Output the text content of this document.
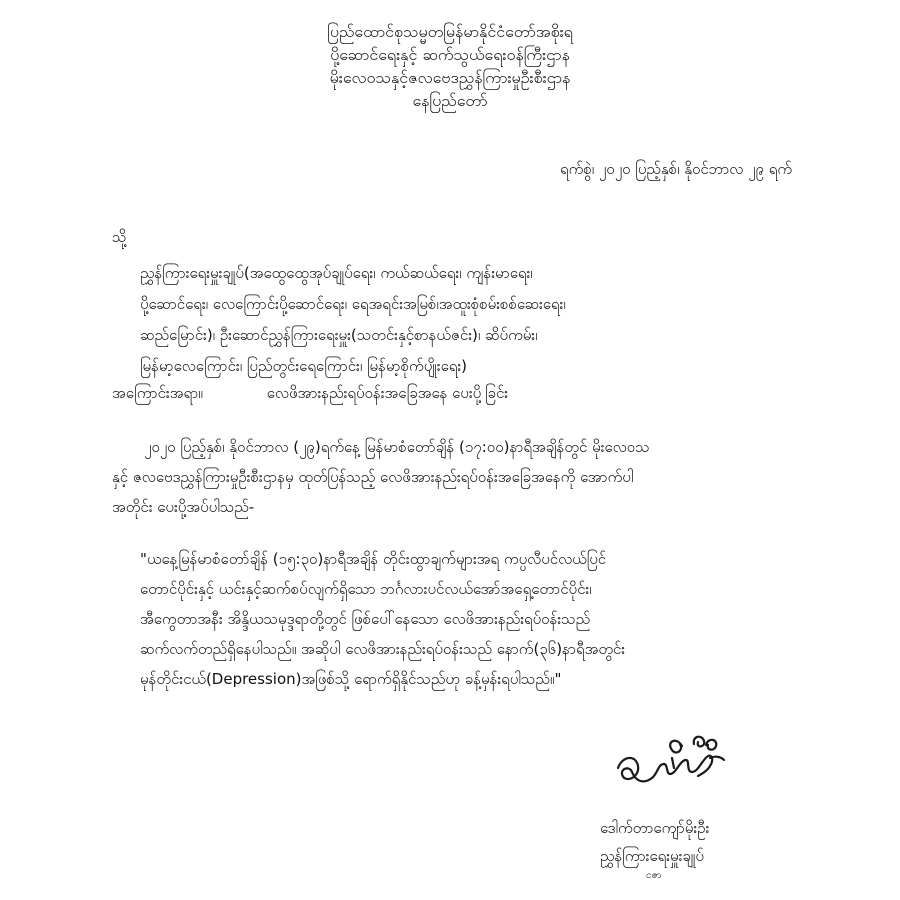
ပြည်ထောင်စုသမ္မတမြန်မာနိုင်ငံတော်အစိုးရ
ပို့ဆောင်ရေးနှင့် ဆက်သွယ်ရေးဝန်ကြီးဌာန
မိုးလေဝသနှင့်ဇလဗေဒညွှန်ကြားမှုဦးစီးဌာန
နေပြည်တော်
ရက်စွဲ၊ ၂၀၂၀ ပြည့်နှစ်၊ နိုဝင်ဘာလ ၂၉ ရက်
သို့
ညွှန်ကြားရေးမှူးချုပ်(အထွေထွေအုပ်ချုပ်ရေး၊ ကယ်ဆယ်ရေး၊ ကျန်းမာရေး၊
ပို့ဆောင်ရေး၊ လေကြောင်းပို့ဆောင်ရေး၊ ရေအရင်းအမြစ်၊အထူးစုံစမ်းစစ်ဆေးရေး၊
ဆည်မြောင်း)၊ ဦးဆောင်ညွှန်ကြားရေးမှူး(သတင်းနှင့်စာနယ်ဇင်း)၊ ဆိပ်ကမ်း၊
မြန်မာ့လေကြောင်း၊ ပြည်တွင်းရေကြောင်း၊ မြန်မာ့စိုက်ပျိုးရေး)
အကြောင်းအရာ။	လေဖိအားနည်းရပ်ဝန်းအခြေအနေ ပေးပို့ခြင်း
၂၀၂၀ ပြည့်နှစ်၊ နိုဝင်ဘာလ (၂၉)ရက်နေ့ မြန်မာစံတော်ချိန် (၁၇:၀၀)နာရီအချိန်တွင် မိုးလေဝသ
နှင့် ဇလဗေဒညွှန်ကြားမှုဦးစီးဌာနမှ ထုတ်ပြန်သည့် လေဖိအားနည်းရပ်ဝန်းအခြေအနေကို အောက်ပါ
အတိုင်း ပေးပို့အပ်ပါသည်-
"ယနေ့မြန်မာစံတော်ချိန် (၁၅:၃၀)နာရီအချိန် တိုင်းထွာချက်များအရ ကပ္ပလီပင်လယ်ပြင်
တောင်ပိုင်းနှင့် ယင်းနှင့်ဆက်စပ်လျက်ရှိသော ဘင်္ဂလားပင်လယ်အော်အရှေ့တောင်ပိုင်း၊
အီကွေတာအနီး အိန္ဒိယသမုဒ္ဒရာတို့တွင် ဖြစ်ပေါ်နေသော လေဖိအားနည်းရပ်ဝန်းသည်
ဆက်လက်တည်ရှိနေပါသည်။ အဆိုပါ လေဖိအားနည်းရပ်ဝန်းသည် နောက်(၃၆)နာရီအတွင်း
မုန်တိုင်းငယ်(Depression)အဖြစ်သို့ ရောက်ရှိနိုင်သည်ဟု ခန့်မှန်းရပါသည်။"
ဒေါက်တာကျော်မိုးဦး
ညွှန်ကြားရေးမှူးချုပ်
ငဇာ
